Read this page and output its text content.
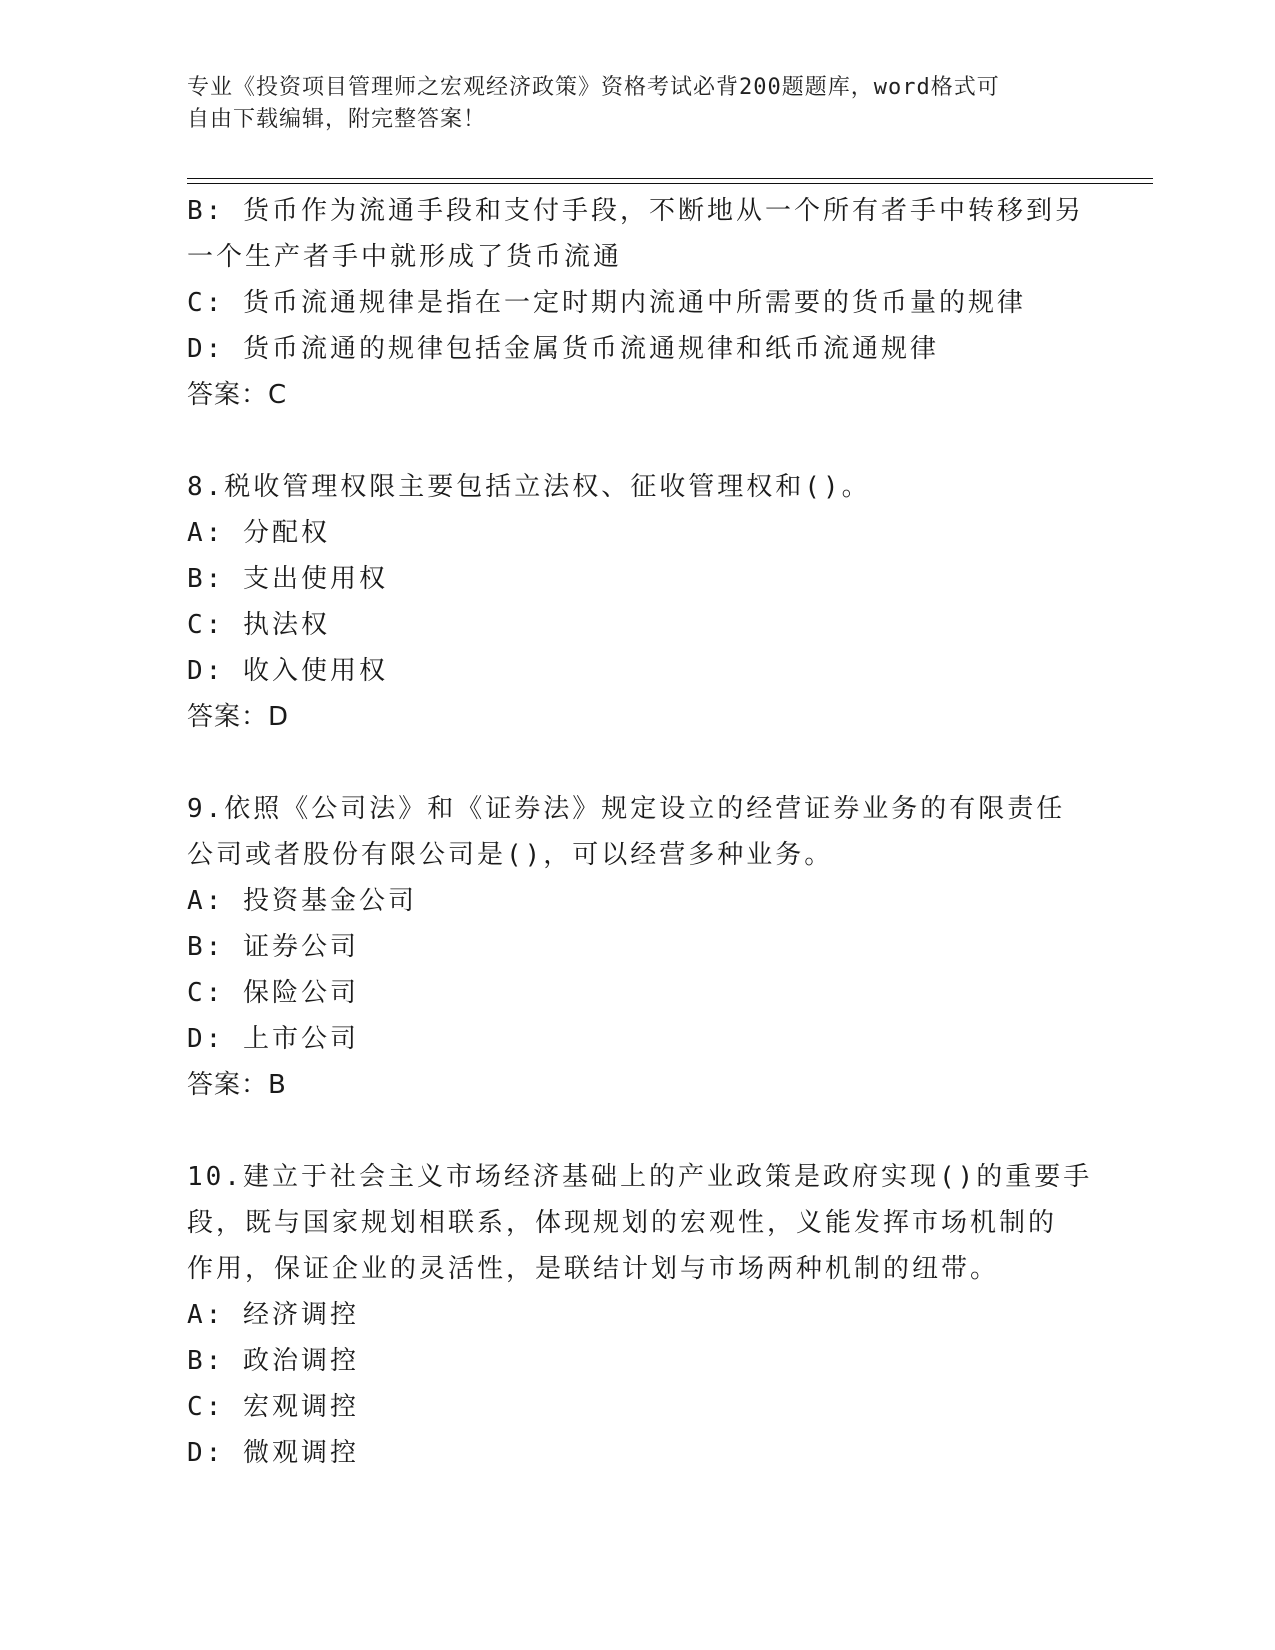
专业《投资项目管理师之宏观经济政策》资格考试必背200题题库，word格式可
自由下载编辑，附完整答案！
B: 货币作为流通手段和支付手段，不断地从一个所有者手中转移到另
一个生产者手中就形成了货币流通
C: 货币流通规律是指在一定时期内流通中所需要的货币量的规律
D: 货币流通的规律包括金属货币流通规律和纸币流通规律
答案：C
8.税收管理权限主要包括立法权、征收管理权和()。
A: 分配权
B: 支出使用权
C: 执法权
D: 收入使用权
答案：D
9.依照《公司法》和《证券法》规定设立的经营证券业务的有限责任
公司或者股份有限公司是()，可以经营多种业务。
A: 投资基金公司
B: 证券公司
C: 保险公司
D: 上市公司
答案：B
10.建立于社会主义市场经济基础上的产业政策是政府实现()的重要手
段，既与国家规划相联系，体现规划的宏观性，义能发挥市场机制的
作用，保证企业的灵活性，是联结计划与市场两种机制的纽带。
A: 经济调控
B: 政治调控
C: 宏观调控
D: 微观调控
